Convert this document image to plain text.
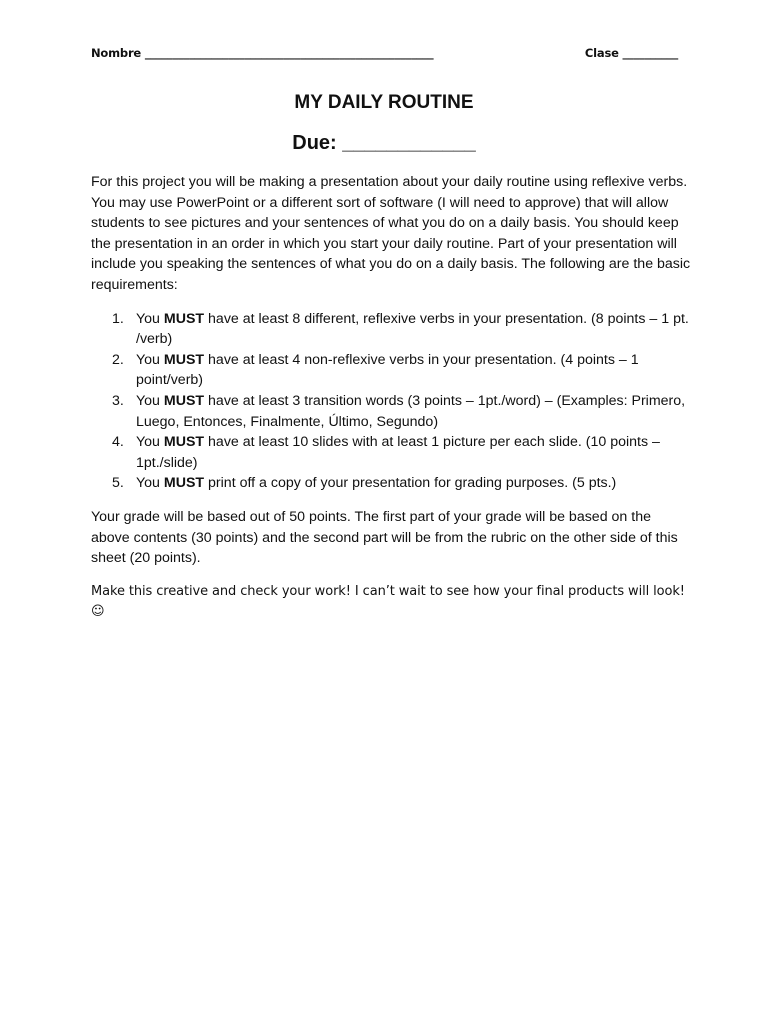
Nombre ____________________________________________________	Clase __________
MY DAILY ROUTINE
Due: ____________

For this project you will be making a presentation about your daily routine using reflexive verbs. You may use PowerPoint or a different sort of software (I will need to approve) that will allow students to see pictures and your sentences of what you do on a daily basis. You should keep the presentation in an order in which you start your daily routine. Part of your presentation will include you speaking the sentences of what you do on a daily basis. The following are the basic requirements:

1. You MUST have at least 8 different, reflexive verbs in your presentation. (8 points – 1 pt. /verb)
2. You MUST have at least 4 non-reflexive verbs in your presentation. (4 points – 1 point/verb)
3. You MUST have at least 3 transition words (3 points – 1pt./word) – (Examples: Primero, Luego, Entonces, Finalmente, Último, Segundo)
4. You MUST have at least 10 slides with at least 1 picture per each slide. (10 points – 1pt./slide)
5. You MUST print off a copy of your presentation for grading purposes. (5 pts.)

Your grade will be based out of 50 points. The first part of your grade will be based on the above contents (30 points) and the second part will be from the rubric on the other side of this sheet (20 points).

Make this creative and check your work! I can’t wait to see how your final products will look! ☺
